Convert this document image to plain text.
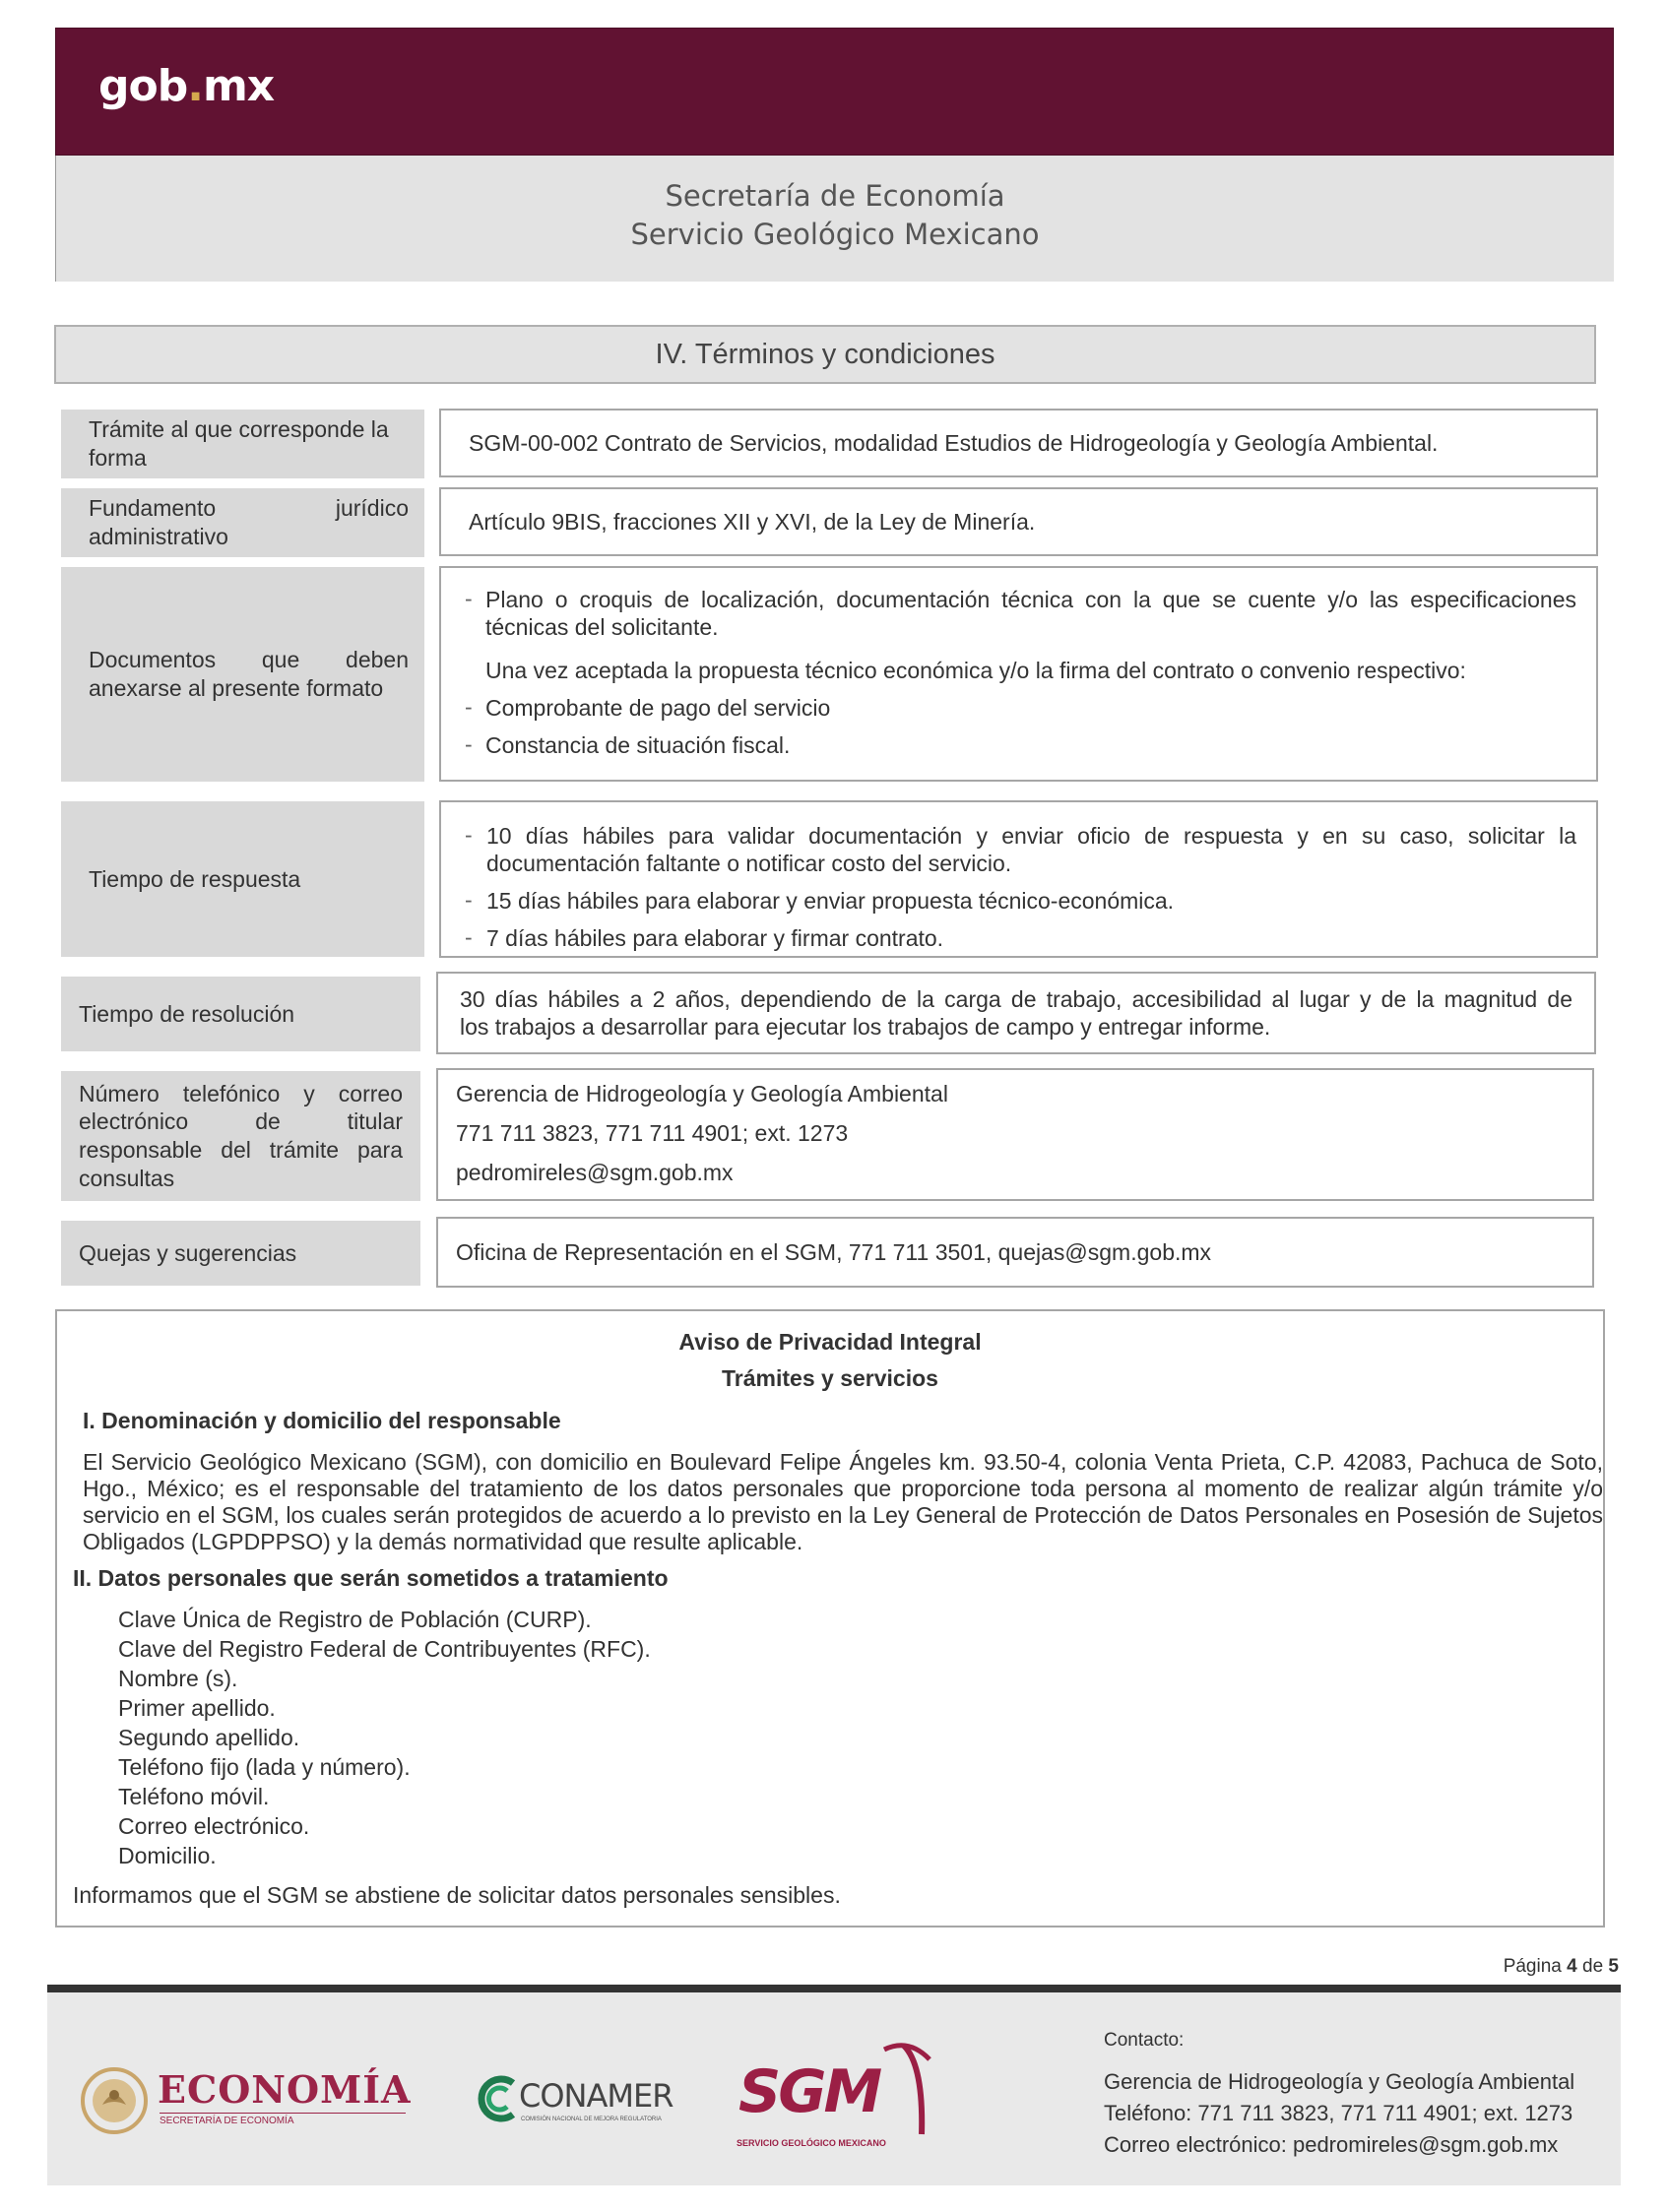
gob.mx
Secretaría de Economía
Servicio Geológico Mexicano
IV. Términos y condiciones
Trámite al que corresponde la forma
SGM-00-002 Contrato de Servicios, modalidad Estudios de Hidrogeología y Geología Ambiental.
Fundamento	jurídico
administrativo
Artículo 9BIS, fracciones XII y XVI, de la Ley de Minería.
Documentos que deben anexarse al presente formato
- Plano o croquis de localización, documentación técnica con la que se cuente y/o las especificaciones
técnicas del solicitante.
Una vez aceptada la propuesta técnico económica y/o la firma del contrato o convenio respectivo:
- Comprobante de pago del servicio
- Constancia de situación fiscal.
Tiempo de respuesta
- 10 días hábiles para validar documentación y enviar oficio de respuesta y en su caso, solicitar la
documentación faltante o notificar costo del servicio.
- 15 días hábiles para elaborar y enviar propuesta técnico-económica.
- 7 días hábiles para elaborar y firmar contrato.
Tiempo de resolución
30 días hábiles a 2 años, dependiendo de la carga de trabajo, accesibilidad al lugar y de la magnitud de
los trabajos a desarrollar para ejecutar los trabajos de campo y entregar informe.
Número telefónico y correo electrónico de titular responsable del trámite para consultas
Gerencia de Hidrogeología y Geología Ambiental
771 711 3823, 771 711 4901; ext. 1273
pedromireles@sgm.gob.mx
Quejas y sugerencias	Oficina de Representación en el SGM, 771 711 3501, quejas@sgm.gob.mx
Aviso de Privacidad Integral
Trámites y servicios
I. Denominación y domicilio del responsable
El Servicio Geológico Mexicano (SGM), con domicilio en Boulevard Felipe Ángeles km. 93.50-4, colonia Venta Prieta, C.P. 42083, Pachuca de Soto, Hgo., México; es el responsable del tratamiento de los datos personales que proporcione toda persona al momento de realizar algún trámite y/o servicio en el SGM, los cuales serán protegidos de acuerdo a lo previsto en la Ley General de Protección de Datos Personales en Posesión de Sujetos Obligados (LGPDPPSO) y la demás normatividad que resulte aplicable.
II. Datos personales que serán sometidos a tratamiento
Clave Única de Registro de Población (CURP).
Clave del Registro Federal de Contribuyentes (RFC).
Nombre (s).
Primer apellido.
Segundo apellido.
Teléfono fijo (lada y número).
Teléfono móvil.
Correo electrónico.
Domicilio.
Informamos que el SGM se abstiene de solicitar datos personales sensibles.
Página 4 de 5
ECONOMÍA
SECRETARÍA DE ECONOMÍA
CONAMER
COMISIÓN NACIONAL DE MEJORA REGULATORIA SGM
SERVICIO GEOLÓGICO MEXICANO
Contacto:
Gerencia de Hidrogeología y Geología Ambiental
Teléfono: 771 711 3823, 771 711 4901; ext. 1273
Correo electrónico: pedromireles@sgm.gob.mx
